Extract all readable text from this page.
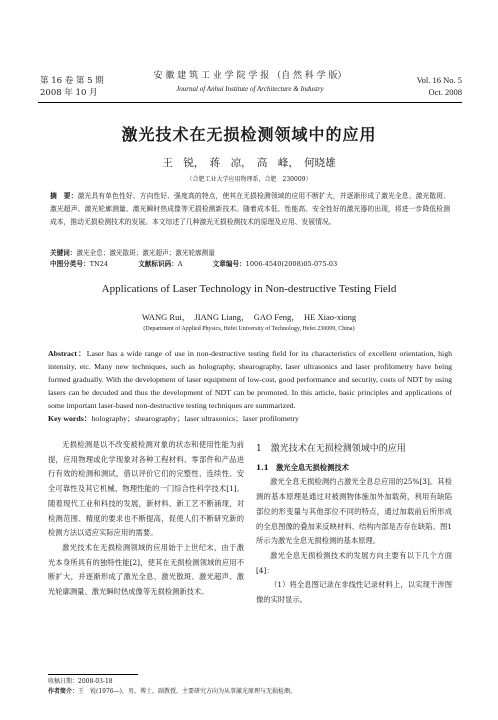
第 16 卷 第 5 期
2008 年 10 月
安 徽 建 筑 工 业 学 院 学 报 （自 然 科 学 版）
Journal of Anhui Institute of Architecture & Industry
Vol. 16 No. 5
Oct. 2008
激光技术在无损检测领域中的应用
王　锐，　蒋　凉，　高　峰，　何晓雄
（合肥工业大学应用物理系，合肥　230009）
摘　要：激光具有单色性好、方向性好、强度高的特点，使其在无损检测领域的应用不断扩大，并逐渐形成了激光全息、激光散斑、激光超声、激光轮廓测量、激光瞬时热成像等无损检测新技术。随着成本低、性能高、安全性好的激光器的出现，将进一步降低检测成本，推动无损检测技术的发展。本文综述了几种激光无损检测技术的原理及应用、发展情况。
关键词：激光全息；激光散斑；激光超声；激光轮廓测量
中图分类号：TN24	文献标识码：A	文章编号：1006-4540(2008)05-075-03
Applications of Laser Technology in Non-destructive Testing Field
WANG Rui，　JIANG Liang，　GAO Feng，　HE Xiao-xiong
(Department of Applied Physics, Hefei University of Technology, Hefei 230009, China)
Abstract：Laser has a wide range of use in non-destructive testing field for its characteristics of excellent orientation, high intensity, etc. Many new techniques, such as holography, shearography, laser ultrasonics and laser profilometry have being formed gradually. With the development of laser equipment of low-cost, good performance and security, costs of NDT by using lasers can be decuded and thus the development of NDT can be promoted. In this article, basic principles and applications of some important laser-based non-destructive testing techniques are summarized.
Key words：holography；shearography；laser ultrasonics；laser profilometry

无损检测是以不改变被检测对象的状态和使用性能为前提，应用物理或化学现象对各种工程材料、零部件和产品进行有效的检测和测试，借以评价它们的完整性、连续性、安全可靠性及其它机械、物理性能的一门综合性科学技术[1]。随着现代工业和科技的发展，新材料、新工艺不断涌现，对检测范围、精度的要求也不断提高，促使人们不断研究新的检测方法以适应实际应用的需要。

激光技术在无损检测领域的应用始于上世纪末，由于激光本身所具有的独特性能[2]，使其在无损检测领域的应用不断扩大，并逐渐形成了激光全息、激光散斑、激光超声、激光轮廓测量、激光瞬时热成像等无损检测新技术。

1　激光技术在无损检测领域中的应用
1.1　激光全息无损检测技术

激光全息无损检测约占激光全息总应用的25%[3]。其检测的基本原理是通过对被测物体施加外加载荷，利用有缺陷部位的形变量与其他部位不同的特点，通过加载前后所形成的全息图像的叠加来反映材料、结构内部是否存在缺陷。图1所示为激光全息无损检测的基本原理。

激光全息无损检测技术的发展方向主要有以下几个方面[4]：

（1）将全息图记录在非线性记录材料上，以实现干涉图像的实时显示。

收稿日期：2008-03-18
作者简介：王　锐(1976—)，男，博士，副教授，主要研究方向为从事激光原理与无损检测。
